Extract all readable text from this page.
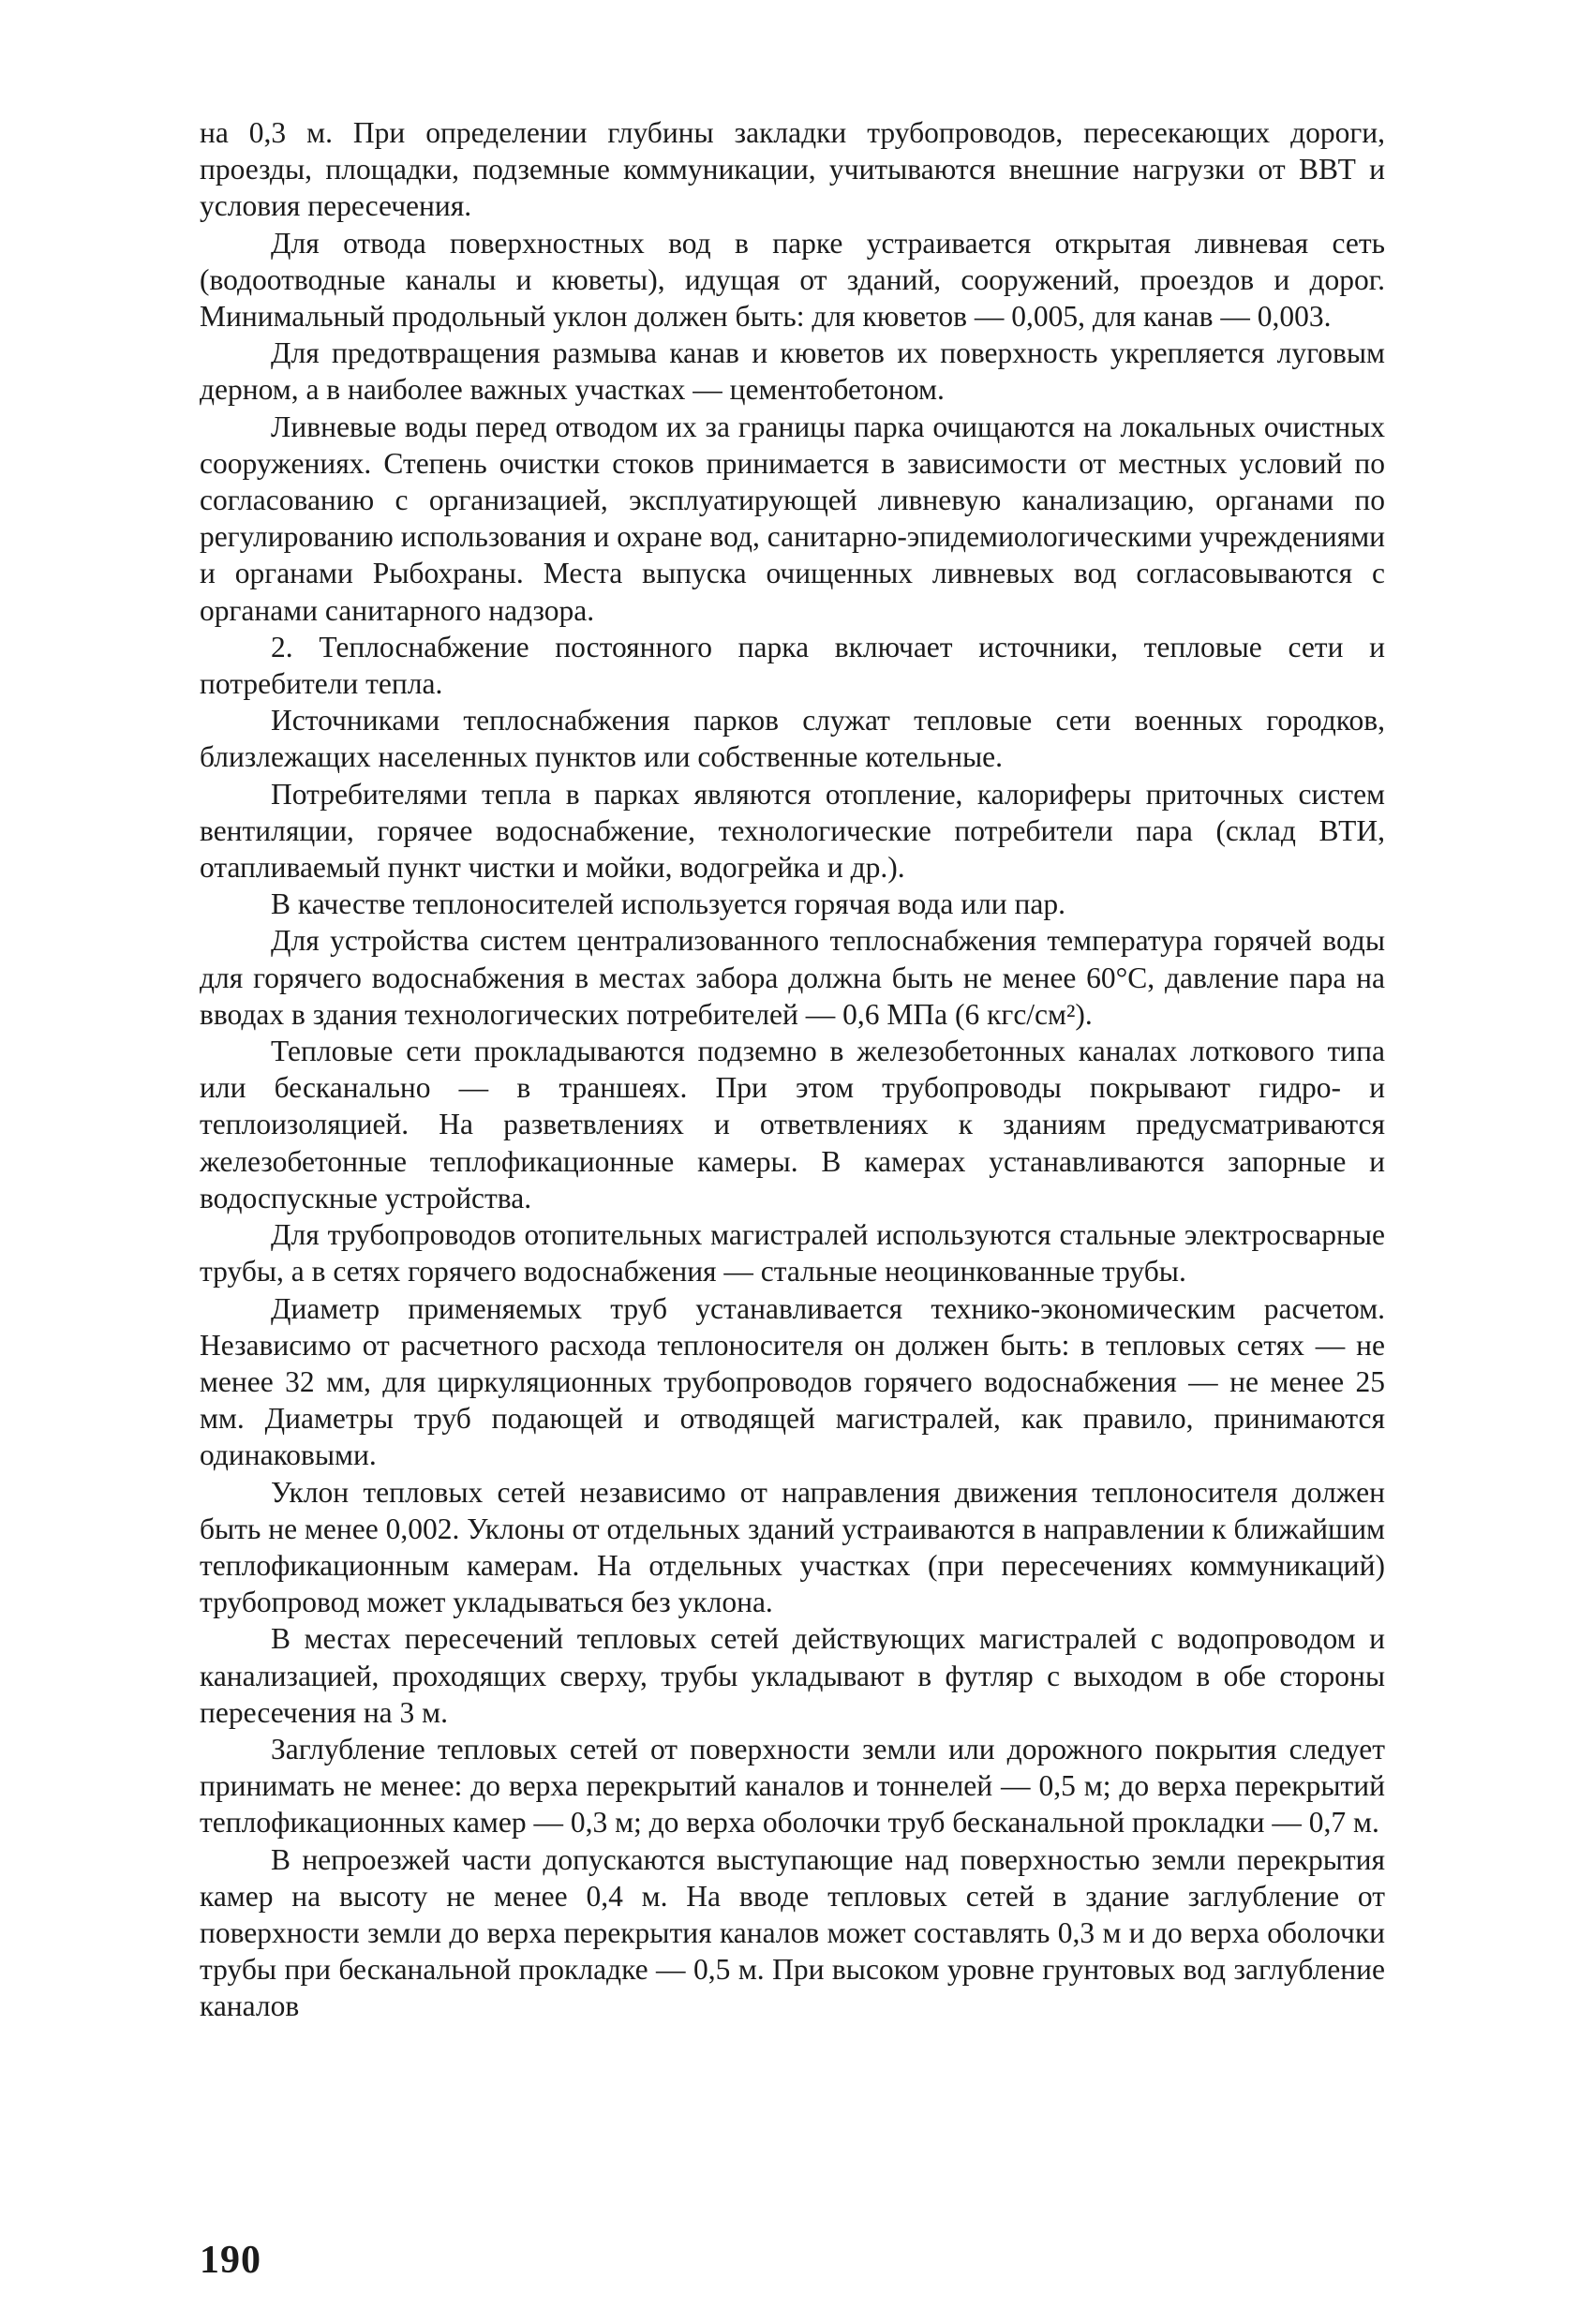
на 0,3 м. При определении глубины закладки трубопроводов, пересекающих дороги, проезды, площадки, подземные коммуникации, учитываются внешние нагрузки от ВВТ и условия пересечения.

Для отвода поверхностных вод в парке устраивается открытая ливневая сеть (водоотводные каналы и кюветы), идущая от зданий, сооружений, проездов и дорог. Минимальный продольный уклон должен быть: для кюветов — 0,005, для канав — 0,003.

Для предотвращения размыва канав и кюветов их поверхность укрепляется луговым дерном, а в наиболее важных участках — цементобетоном.

Ливневые воды перед отводом их за границы парка очищаются на локальных очистных сооружениях. Степень очистки стоков принимается в зависимости от местных условий по согласованию с организацией, эксплуатирующей ливневую канализацию, органами по регулированию использования и охране вод, санитарно-эпидемиологическими учреждениями и органами Рыбохраны. Места выпуска очищенных ливневых вод согласовываются с органами санитарного надзора.

2. Теплоснабжение постоянного парка включает источники, тепловые сети и потребители тепла.

Источниками теплоснабжения парков служат тепловые сети военных городков, близлежащих населенных пунктов или собственные котельные.

Потребителями тепла в парках являются отопление, калориферы приточных систем вентиляции, горячее водоснабжение, технологические потребители пара (склад ВТИ, отапливаемый пункт чистки и мойки, водогрейка и др.).

В качестве теплоносителей используется горячая вода или пар.

Для устройства систем централизованного теплоснабжения температура горячей воды для горячего водоснабжения в местах забора должна быть не менее 60°С, давление пара на вводах в здания технологических потребителей — 0,6 МПа (6 кгс/см²).

Тепловые сети прокладываются подземно в железобетонных каналах лоткового типа или бесканально — в траншеях. При этом трубопроводы покрывают гидро- и теплоизоляцией. На разветвлениях и ответвлениях к зданиям предусматриваются железобетонные теплофикационные камеры. В камерах устанавливаются запорные и водоспускные устройства.

Для трубопроводов отопительных магистралей используются стальные электросварные трубы, а в сетях горячего водоснабжения — стальные неоцинкованные трубы.

Диаметр применяемых труб устанавливается технико-экономическим расчетом. Независимо от расчетного расхода теплоносителя он должен быть: в тепловых сетях — не менее 32 мм, для циркуляционных трубопроводов горячего водоснабжения — не менее 25 мм. Диаметры труб подающей и отводящей магистралей, как правило, принимаются одинаковыми.

Уклон тепловых сетей независимо от направления движения теплоносителя должен быть не менее 0,002. Уклоны от отдельных зданий устраиваются в направлении к ближайшим теплофикационным камерам. На отдельных участках (при пересечениях коммуникаций) трубопровод может укладываться без уклона.

В местах пересечений тепловых сетей действующих магистралей с водопроводом и канализацией, проходящих сверху, трубы укладывают в футляр с выходом в обе стороны пересечения на 3 м.

Заглубление тепловых сетей от поверхности земли или дорожного покрытия следует принимать не менее: до верха перекрытий каналов и тоннелей — 0,5 м; до верха перекрытий теплофикационных камер — 0,3 м; до верха оболочки труб бесканальной прокладки — 0,7 м.

В непроезжей части допускаются выступающие над поверхностью земли перекрытия камер на высоту не менее 0,4 м. На вводе тепловых сетей в здание заглубление от поверхности земли до верха перекрытия каналов может составлять 0,3 м и до верха оболочки трубы при бесканальной прокладке — 0,5 м. При высоком уровне грунтовых вод заглубление каналов

190
